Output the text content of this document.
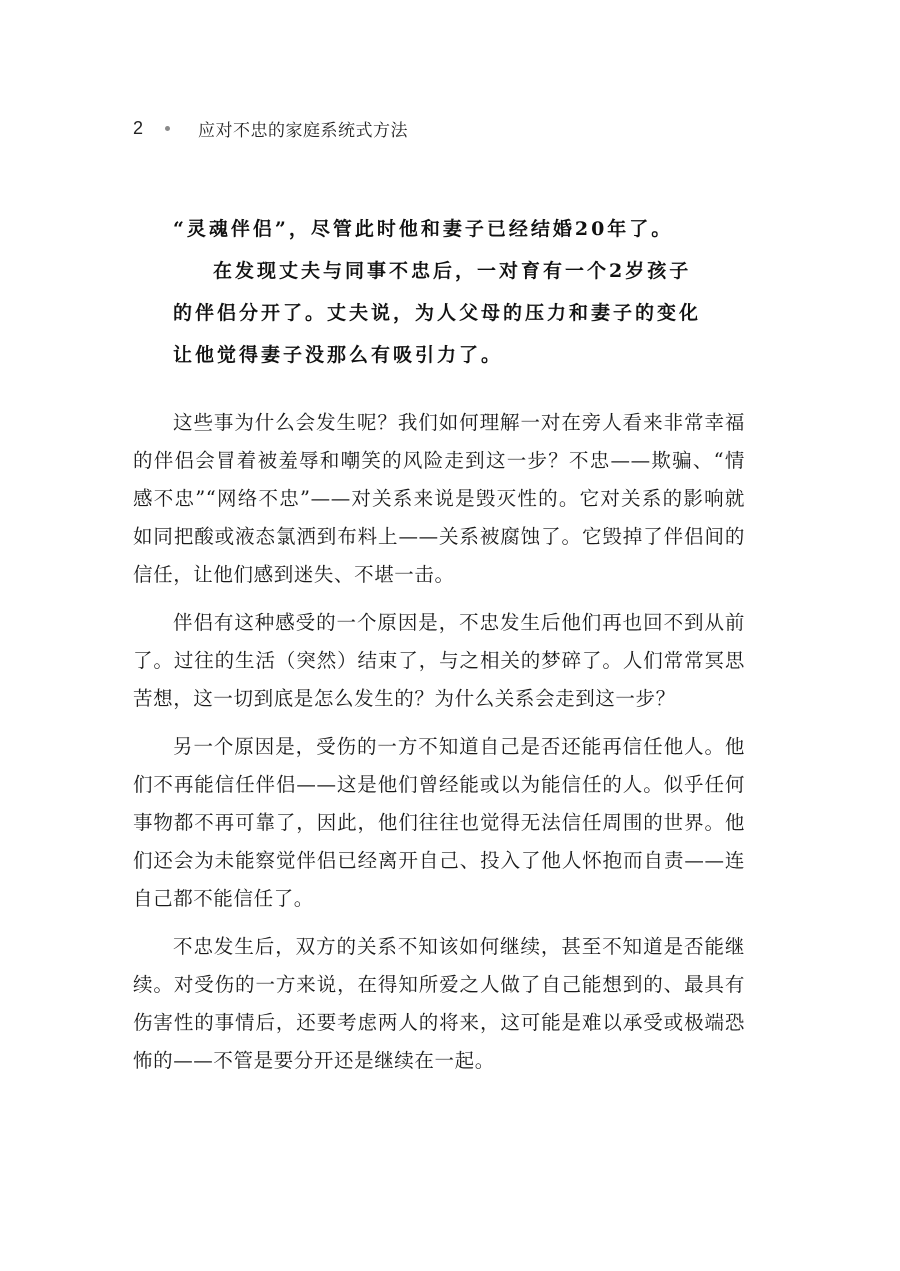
2	应对不忠的家庭系统式方法

“灵魂伴侣”，尽管此时他和妻子已经结婚20年了。

在发现丈夫与同事不忠后，一对育有一个2岁孩子的伴侣分开了。丈夫说，为人父母的压力和妻子的变化让他觉得妻子没那么有吸引力了。

这些事为什么会发生呢？我们如何理解一对在旁人看来非常幸福的伴侣会冒着被羞辱和嘲笑的风险走到这一步？不忠——欺骗、“情感不忠”“网络不忠”——对关系来说是毁灭性的。它对关系的影响就如同把酸或液态氯洒到布料上——关系被腐蚀了。它毁掉了伴侣间的信任，让他们感到迷失、不堪一击。

伴侣有这种感受的一个原因是，不忠发生后他们再也回不到从前了。过往的生活（突然）结束了，与之相关的梦碎了。人们常常冥思苦想，这一切到底是怎么发生的？为什么关系会走到这一步？

另一个原因是，受伤的一方不知道自己是否还能再信任他人。他们不再能信任伴侣——这是他们曾经能或以为能信任的人。似乎任何事物都不再可靠了，因此，他们往往也觉得无法信任周围的世界。他们还会为未能察觉伴侣已经离开自己、投入了他人怀抱而自责——连自己都不能信任了。

不忠发生后，双方的关系不知该如何继续，甚至不知道是否能继续。对受伤的一方来说，在得知所爱之人做了自己能想到的、最具有伤害性的事情后，还要考虑两人的将来，这可能是难以承受或极端恐怖的——不管是要分开还是继续在一起。
